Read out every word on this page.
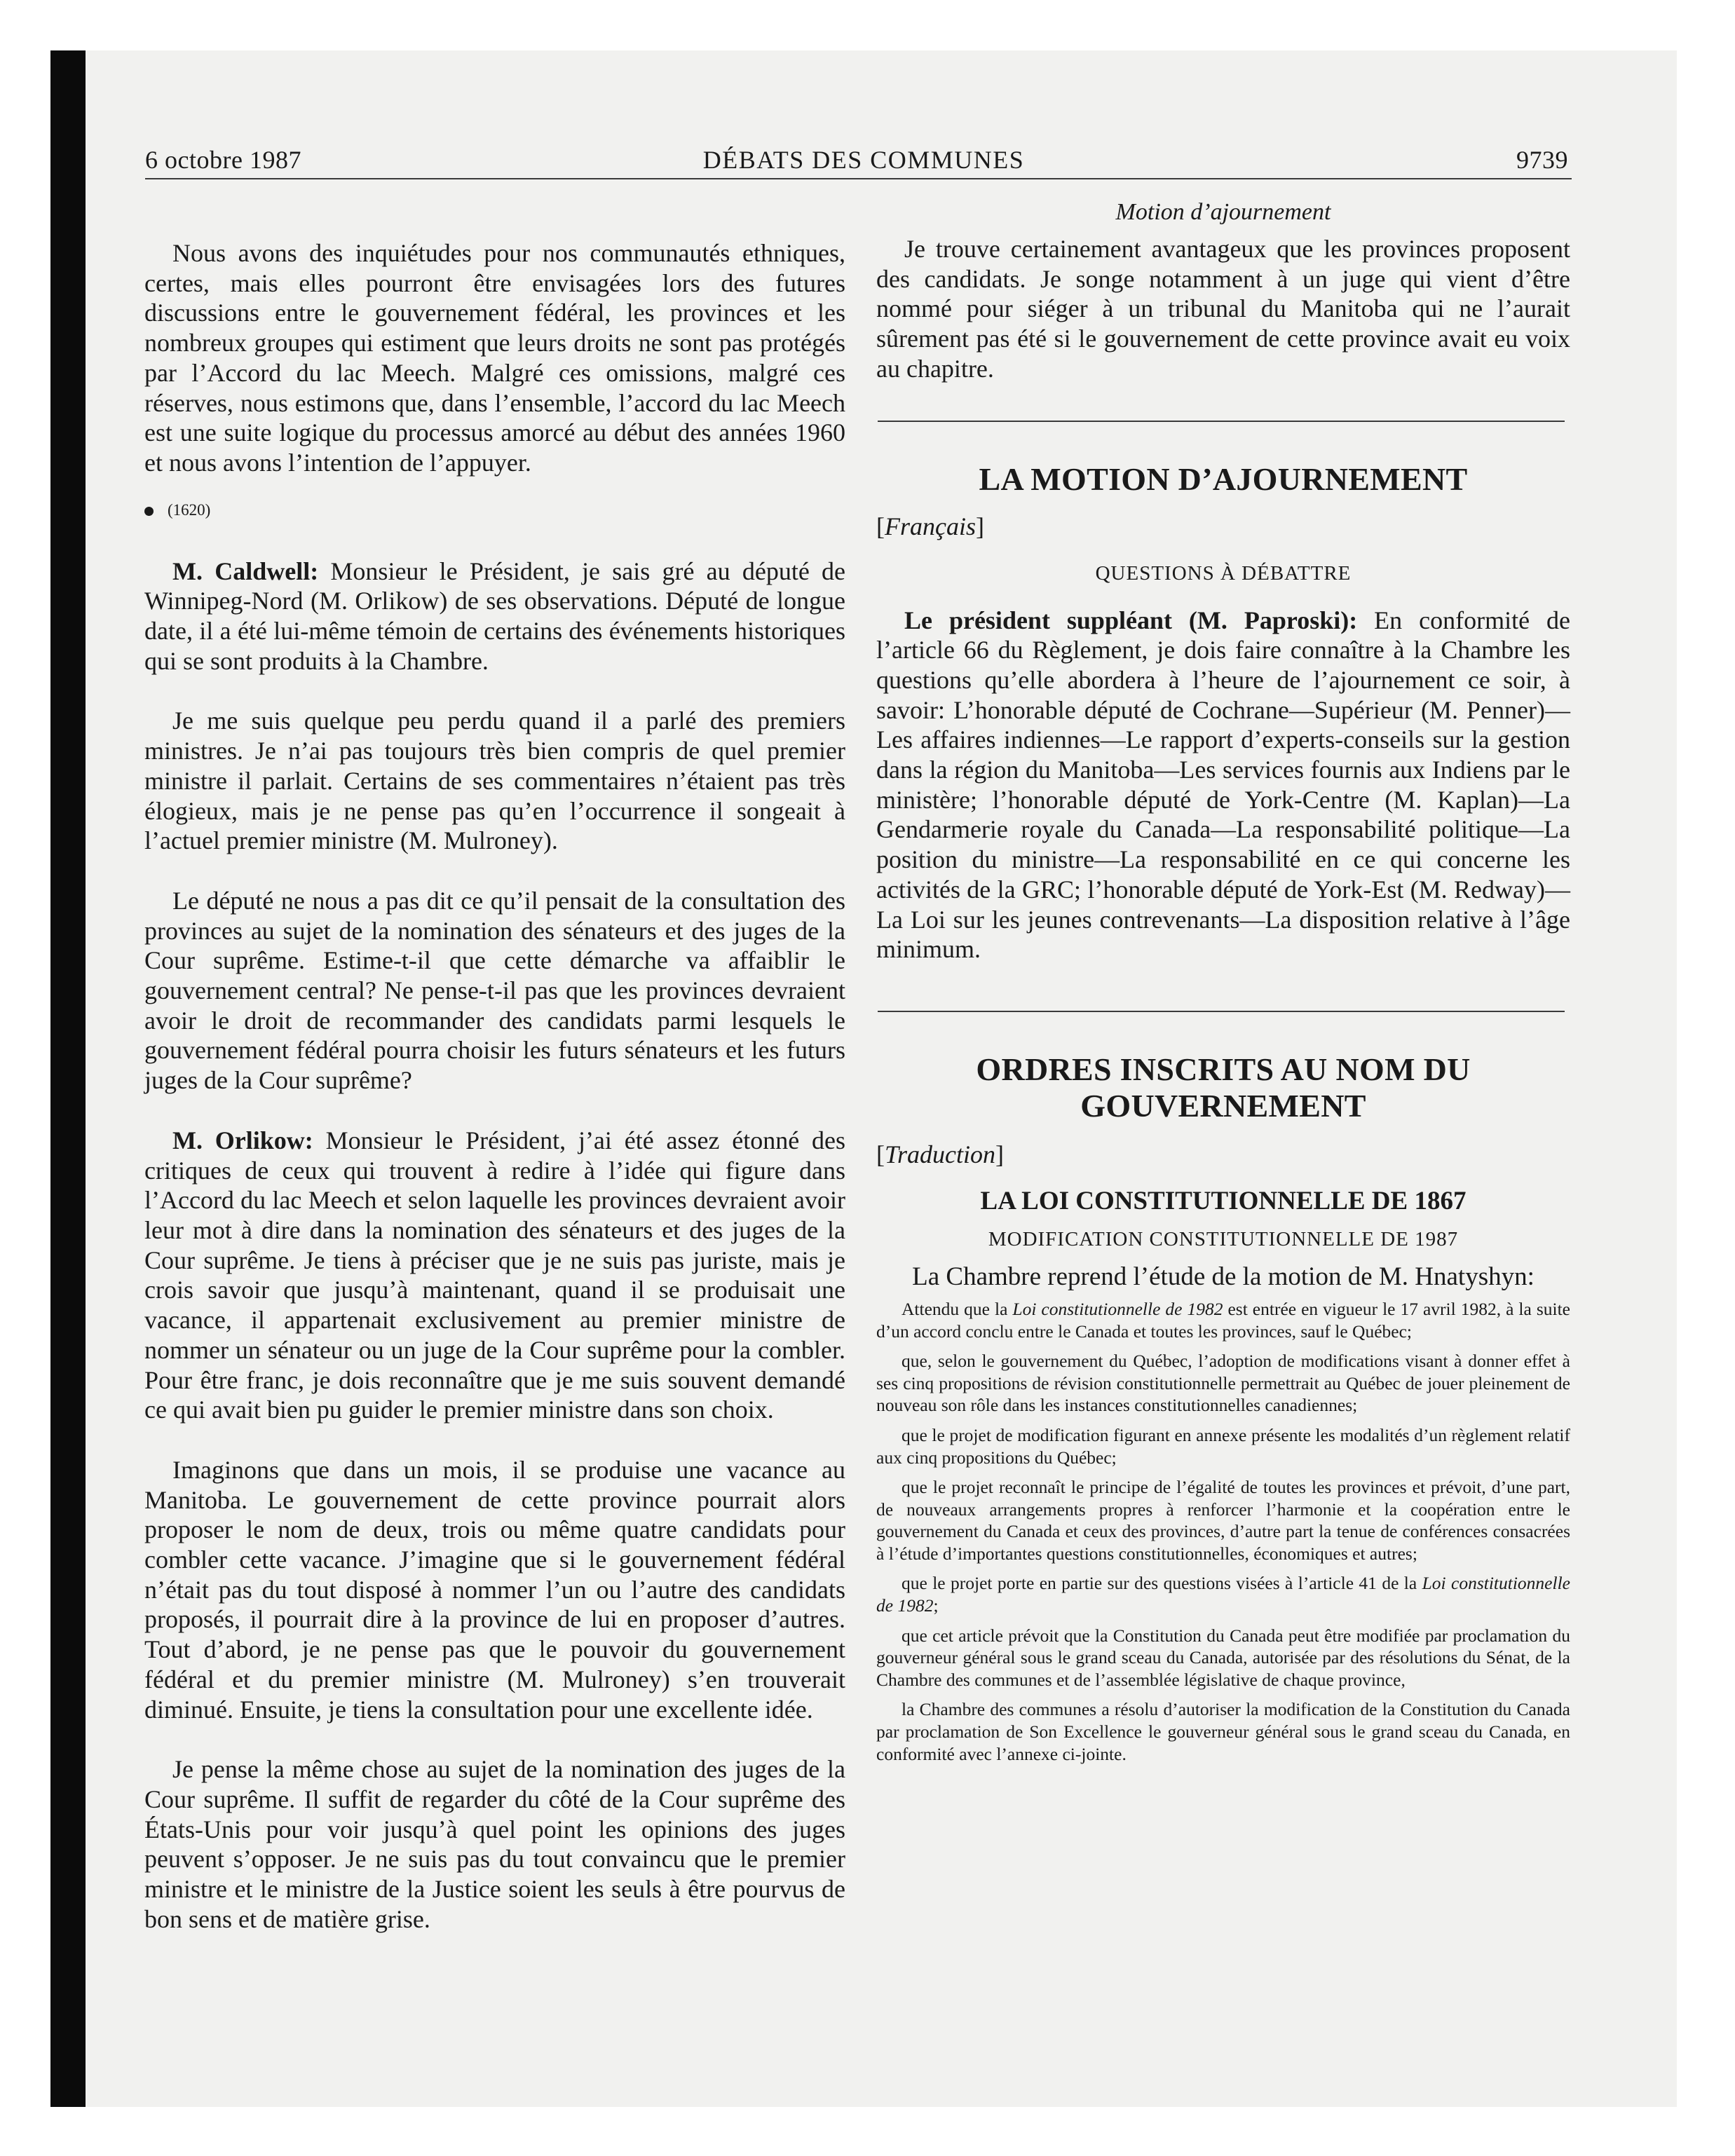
6 octobre 1987	DÉBATS DES COMMUNES	9739

Nous avons des inquiétudes pour nos communautés ethniques, certes, mais elles pourront être envisagées lors des futures discussions entre le gouvernement fédéral, les provinces et les nombreux groupes qui estiment que leurs droits ne sont pas protégés par l’Accord du lac Meech. Malgré ces omissions, malgré ces réserves, nous estimons que, dans l’ensemble, l’accord du lac Meech est une suite logique du processus amorcé au début des années 1960 et nous avons l’intention de l’appuyer.

(1620)

M. Caldwell: Monsieur le Président, je sais gré au député de Winnipeg-Nord (M. Orlikow) de ses observations. Député de longue date, il a été lui-même témoin de certains des événements historiques qui se sont produits à la Chambre.

Je me suis quelque peu perdu quand il a parlé des premiers ministres. Je n’ai pas toujours très bien compris de quel premier ministre il parlait. Certains de ses commentaires n’étaient pas très élogieux, mais je ne pense pas qu’en l’occurrence il songeait à l’actuel premier ministre (M. Mulroney).

Le député ne nous a pas dit ce qu’il pensait de la consultation des provinces au sujet de la nomination des sénateurs et des juges de la Cour suprême. Estime-t-il que cette démarche va affaiblir le gouvernement central? Ne pense-t-il pas que les provinces devraient avoir le droit de recommander des candidats parmi lesquels le gouvernement fédéral pourra choisir les futurs sénateurs et les futurs juges de la Cour suprême?

M. Orlikow: Monsieur le Président, j’ai été assez étonné des critiques de ceux qui trouvent à redire à l’idée qui figure dans l’Accord du lac Meech et selon laquelle les provinces devraient avoir leur mot à dire dans la nomination des sénateurs et des juges de la Cour suprême. Je tiens à préciser que je ne suis pas juriste, mais je crois savoir que jusqu’à maintenant, quand il se produisait une vacance, il appartenait exclusivement au premier ministre de nommer un sénateur ou un juge de la Cour suprême pour la combler. Pour être franc, je dois reconnaître que je me suis souvent demandé ce qui avait bien pu guider le premier ministre dans son choix.

Imaginons que dans un mois, il se produise une vacance au Manitoba. Le gouvernement de cette province pourrait alors proposer le nom de deux, trois ou même quatre candidats pour combler cette vacance. J’imagine que si le gouvernement fédéral n’était pas du tout disposé à nommer l’un ou l’autre des candidats proposés, il pourrait dire à la province de lui en proposer d’autres. Tout d’abord, je ne pense pas que le pouvoir du gouvernement fédéral et du premier ministre (M. Mulroney) s’en trouverait diminué. Ensuite, je tiens la consultation pour une excellente idée.

Je pense la même chose au sujet de la nomination des juges de la Cour suprême. Il suffit de regarder du côté de la Cour suprême des États-Unis pour voir jusqu’à quel point les opinions des juges peuvent s’opposer. Je ne suis pas du tout convaincu que le premier ministre et le ministre de la Justice soient les seuls à être pourvus de bon sens et de matière grise.

Motion d’ajournement

Je trouve certainement avantageux que les provinces proposent des candidats. Je songe notamment à un juge qui vient d’être nommé pour siéger à un tribunal du Manitoba qui ne l’aurait sûrement pas été si le gouvernement de cette province avait eu voix au chapitre.

LA MOTION D’AJOURNEMENT

[Français]

QUESTIONS À DÉBATTRE

Le président suppléant (M. Paproski): En conformité de l’article 66 du Règlement, je dois faire connaître à la Chambre les questions qu’elle abordera à l’heure de l’ajournement ce soir, à savoir: L’honorable député de Cochrane—Supérieur (M. Penner)—Les affaires indiennes—Le rapport d’experts-conseils sur la gestion dans la région du Manitoba—Les services fournis aux Indiens par le ministère; l’honorable député de York-Centre (M. Kaplan)—La Gendarmerie royale du Canada—La responsabilité politique—La position du ministre—La responsabilité en ce qui concerne les activités de la GRC; l’honorable député de York-Est (M. Redway)—La Loi sur les jeunes contrevenants—La disposition relative à l’âge minimum.

ORDRES INSCRITS AU NOM DU
GOUVERNEMENT

[Traduction]

LA LOI CONSTITUTIONNELLE DE 1867

MODIFICATION CONSTITUTIONNELLE DE 1987

La Chambre reprend l’étude de la motion de M. Hnatyshyn:

Attendu que la Loi constitutionnelle de 1982 est entrée en vigueur le 17 avril 1982, à la suite d’un accord conclu entre le Canada et toutes les provinces, sauf le Québec;

que, selon le gouvernement du Québec, l’adoption de modifications visant à donner effet à ses cinq propositions de révision constitutionnelle permettrait au Québec de jouer pleinement de nouveau son rôle dans les instances constitutionnelles canadiennes;

que le projet de modification figurant en annexe présente les modalités d’un règlement relatif aux cinq propositions du Québec;

que le projet reconnaît le principe de l’égalité de toutes les provinces et prévoit, d’une part, de nouveaux arrangements propres à renforcer l’harmonie et la coopération entre le gouvernement du Canada et ceux des provinces, d’autre part la tenue de conférences consacrées à l’étude d’importantes questions constitutionnelles, économiques et autres;

que le projet porte en partie sur des questions visées à l’article 41 de la Loi constitutionnelle de 1982;

que cet article prévoit que la Constitution du Canada peut être modifiée par proclamation du gouverneur général sous le grand sceau du Canada, autorisée par des résolutions du Sénat, de la Chambre des communes et de l’assemblée législative de chaque province,

la Chambre des communes a résolu d’autoriser la modification de la Constitution du Canada par proclamation de Son Excellence le gouverneur général sous le grand sceau du Canada, en conformité avec l’annexe ci-jointe.
